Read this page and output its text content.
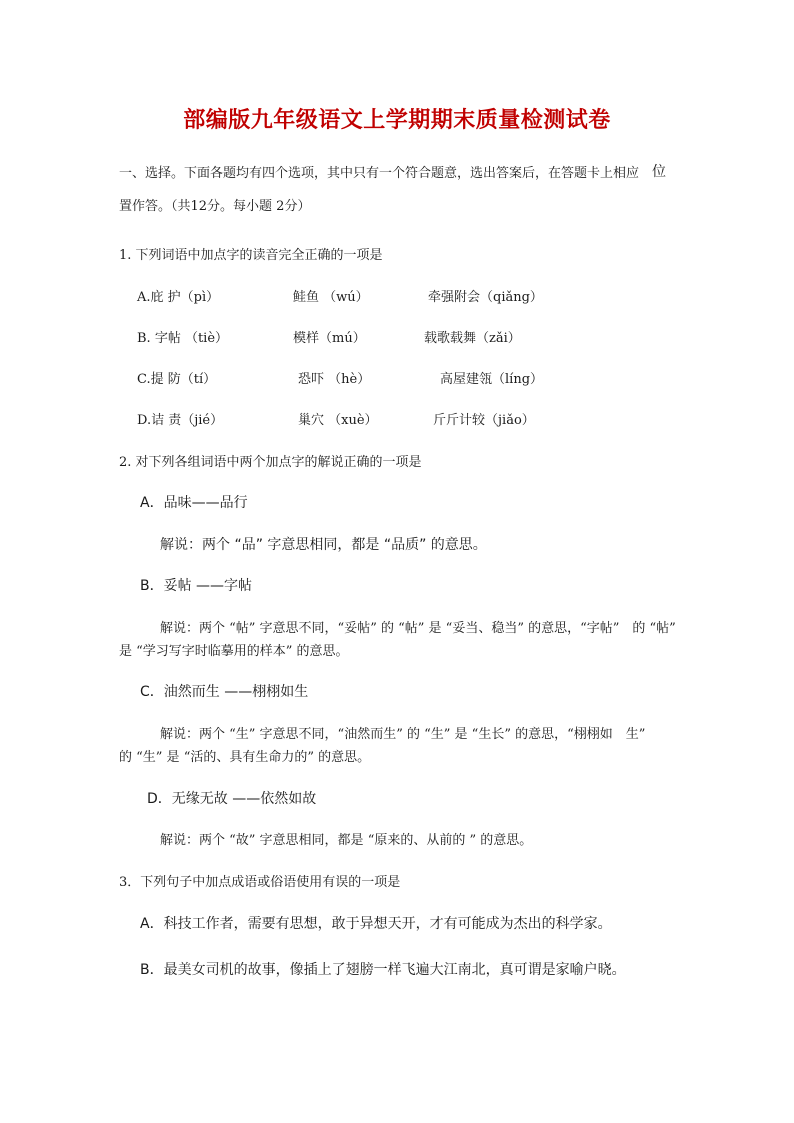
部编版九年级语文上学期期末质量检测试卷
一、选择。下面各题均有四个选项，其中只有一个符合题意，选出答案后，在答题卡上相应 位
置作答。（共12分。每小题 2分）
1. 下列词语中加点字的读音完全正确的一项是
A.庇 护（pì）	鲑鱼 （wú）	牵强附会（qiǎng）
B. 字帖 （tiè）	模样（mú）	载歌载舞（zǎi）
C.提 防（tí）	恐吓 （hè）	高屋建瓴（líng）
D.诘 责（jié）	巢穴 （xuè）	斤斤计较（jiǎo）
2. 对下列各组词语中两个加点字的解说正确的一项是
A．品味——品行
解说：两个 “品” 字意思相同，都是 “品质” 的意思。
B．妥帖 ——字帖
解说：两个 “帖” 字意思不同，“妥帖” 的 “帖” 是 “妥当、稳当” 的意思，“字帖”　的 “帖”
是 “学习写字时临摹用的样本” 的意思。
C．油然而生 ——栩栩如生
解说：两个 “生” 字意思不同，“油然而生” 的 “生” 是 “生长” 的意思，“栩栩如　生”
的 “生” 是 “活的、具有生命力的” 的意思。
D．无缘无故 ——依然如故
解说：两个 “故” 字意思相同，都是 “原来的、从前的 ” 的意思。
3．下列句子中加点成语或俗语使用有误的一项是
A．科技工作者，需要有思想，敢于异想天开，才有可能成为杰出的科学家。
B．最美女司机的故事，像插上了翅膀一样飞遍大江南北，真可谓是家喻户晓。
